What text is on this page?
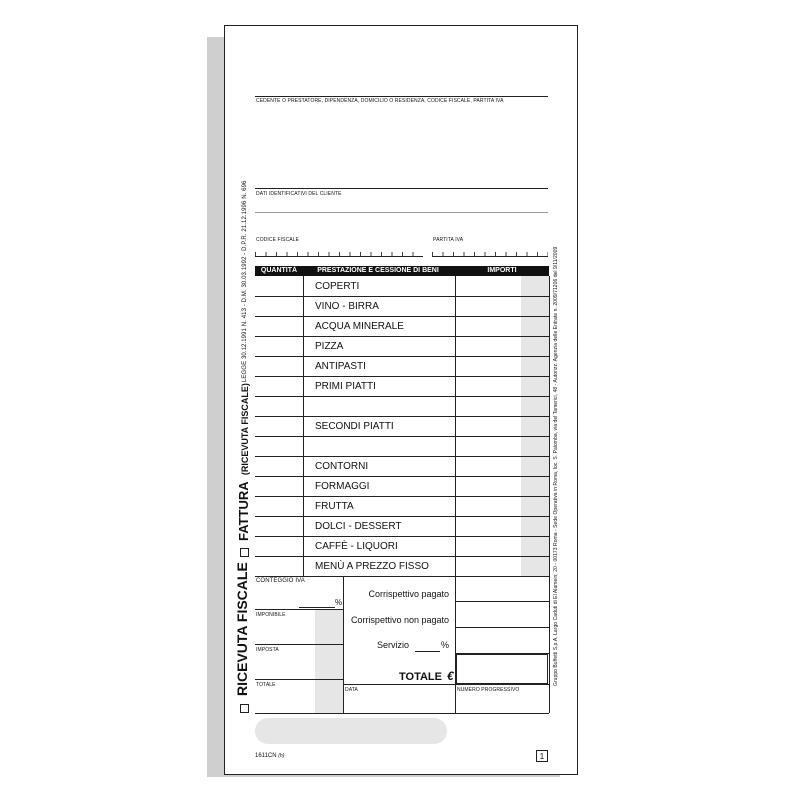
CEDENTE O PRESTATORE, DIPENDENZA, DOMICILIO O RESIDENZA, CODICE FISCALE, PARTITA IVA
DATI IDENTIFICATIVI DEL CLIENTE
CODICE FISCALE	PARTITA IVA
QUANTITÀ	PRESTAZIONE E CESSIONE DI BENI	IMPORTI
COPERTI
VINO - BIRRA
ACQUA MINERALE
PIZZA
ANTIPASTI
PRIMI PIATTI
SECONDI PIATTI
CONTORNI
FORMAGGI
FRUTTA
DOLCI - DESSERT
CAFFÈ - LIQUORI
MENÙ A PREZZO FISSO
CONTEGGIO IVA
%
IMPONIBILE
IMPOSTA
TOTALE
Corrispettivo pagato
Corrispettivo non pagato
Servizio	%
TOTALE €
DATA	NUMERO PROGRESSIVO
1611CN (h)	1
LEGGE 30.12.1991 N. 413 - D.M. 30.03.1992 - D.P.R. 21.12.1996 N. 696
FATTURA (RICEVUTA FISCALE)
RICEVUTA FISCALE	Gruppo Buffetti S.p.A. Largo Caduti di El Alamein, 20 - 00173 Roma - Sede Operativa in Roma, loc. S. Palomba, via del Tamerici, 48 - Autorizz. Agenzia delle Entrate n. 2009/71206 del 9/11/2009
